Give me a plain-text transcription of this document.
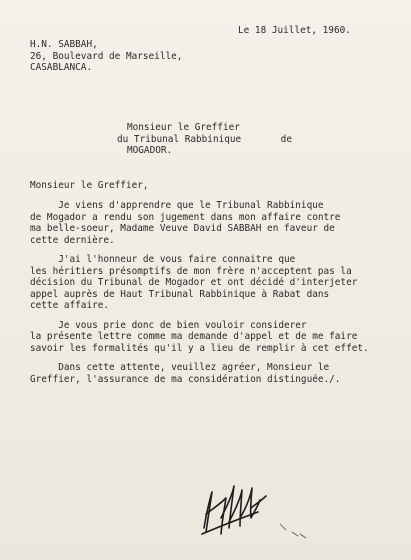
Le 18 Juillet, 1960.
H.N. SABBAH,
26, Boulevard de Marseille,
CASABLANCA.
Monsieur le Greffier
du Tribunal Rabbinique       de
MOGADOR.
Monsieur le Greffier,
Je viens d'apprendre que le Tribunal Rabbinique
de Mogador a rendu son jugement dans mon affaire contre
ma belle-soeur, Madame Veuve David SABBAH en faveur de
cette dernière.
J'ai l'honneur de vous faire connaitre que
les héritiers présomptifs de mon frère n'acceptent pas la
décision du Tribunal de Mogador et ont décidé d'interjeter
appel auprès de Haut Tribunal Rabbinique à Rabat dans
cette affaire.
Je vous prie donc de bien vouloir considerer
la présente lettre comme ma demande d'appel et de me faire
savoir les formalités qu'il y a lieu de remplir à cet effet.
Dans cette attente, veuillez agréer, Monsieur le
Greffier, l'assurance de ma considération distinguée./.
